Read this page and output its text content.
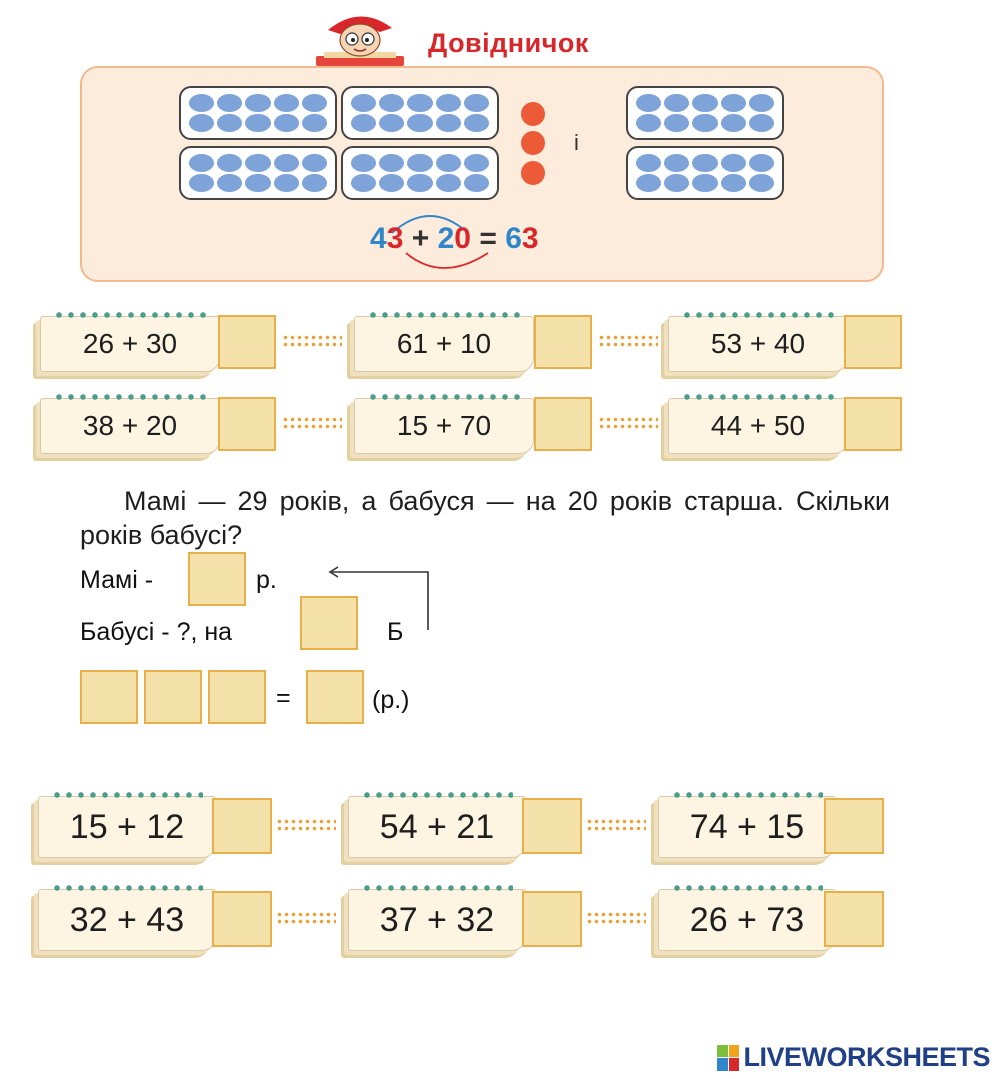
Довідничок
і
43 + 20 = 63
26 + 30	61 + 10	53 + 40
38 + 20	15 + 70	44 + 50
Мамі — 29 років, а бабуся — на 20 років старша. Скільки років бабусі?
Мамі -	р.
Бабусі - ?, на	Б
=	(р.)
15 + 12	54 + 21	74 + 15
32 + 43	37 + 32	26 + 73
LIVEWORKSHEETS
